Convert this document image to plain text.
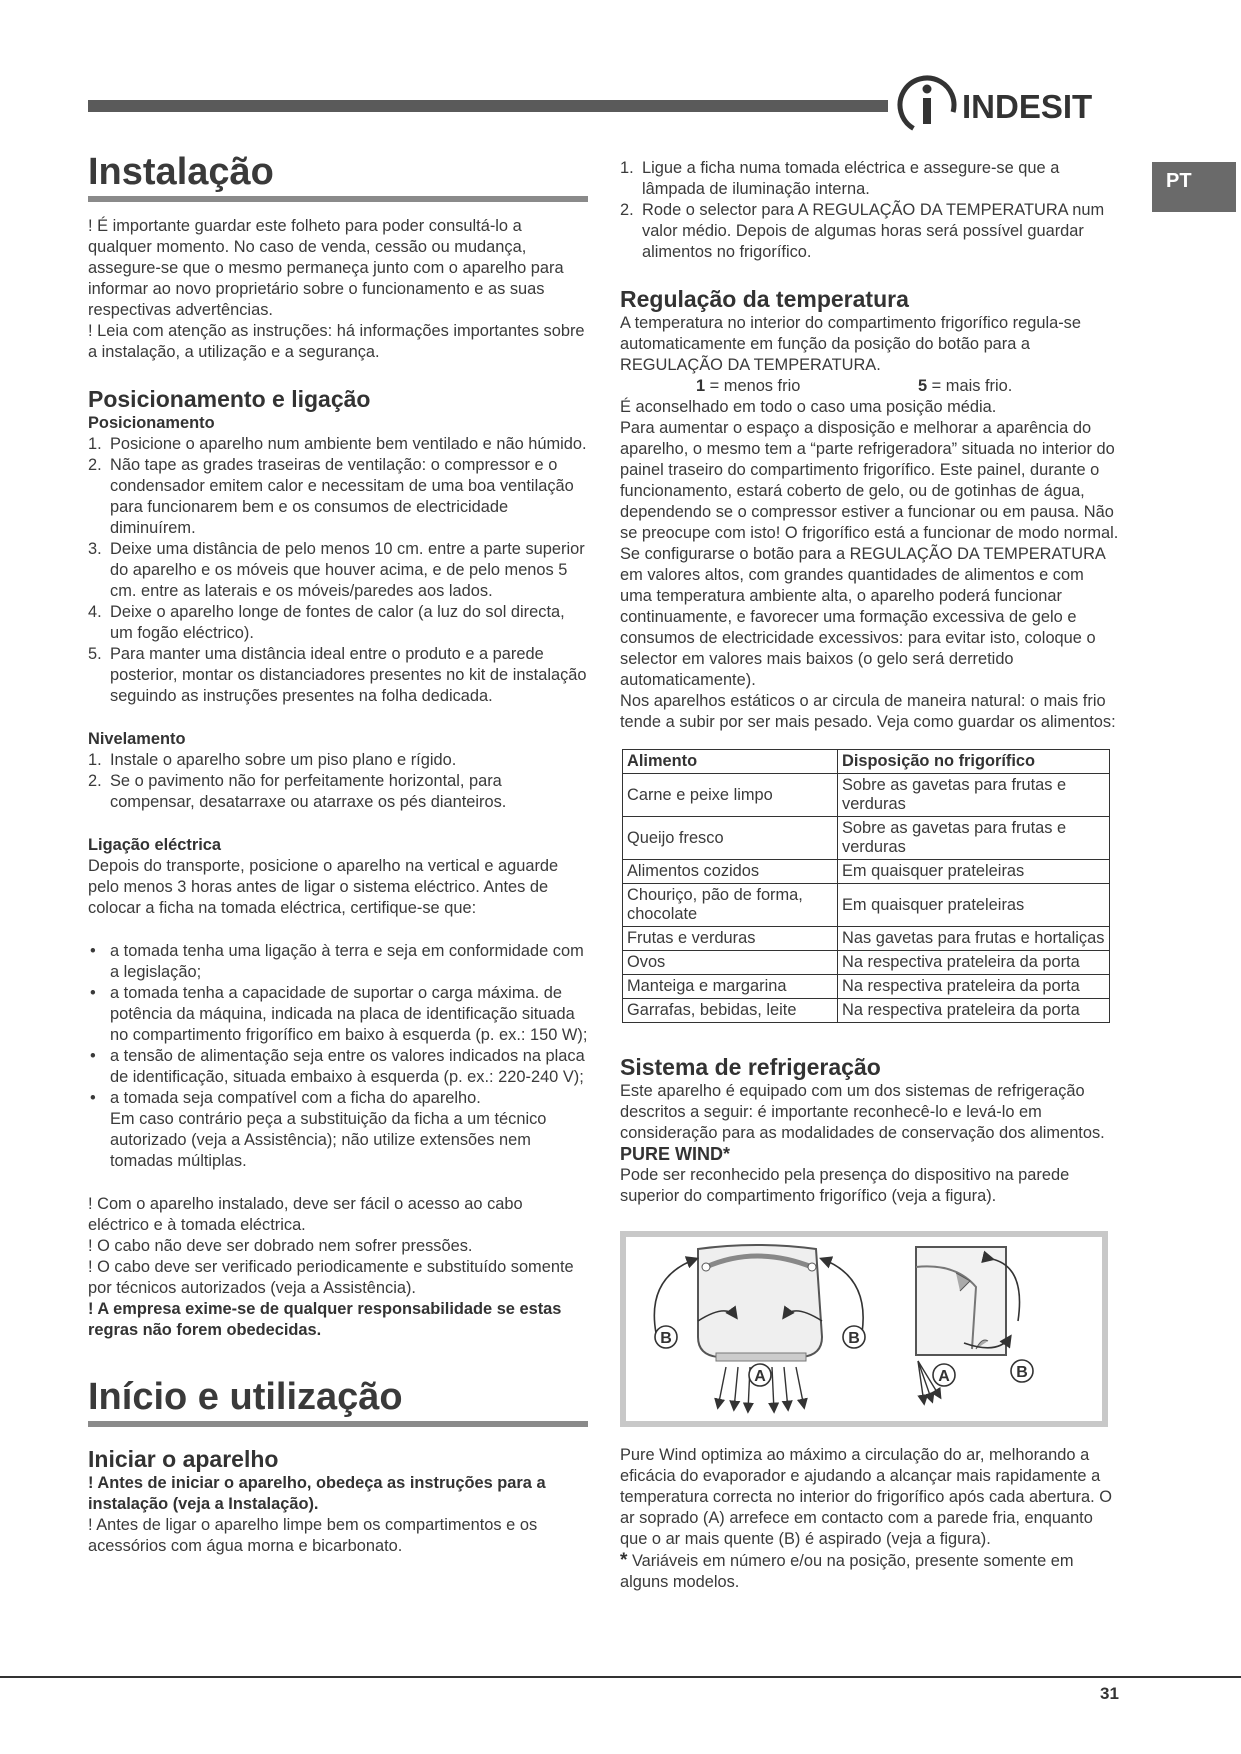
INDESIT
PT
Instalação

! É importante guardar este folheto para poder consultá-lo a qualquer momento. No caso de venda, cessão ou mudança, assegure-se que o mesmo permaneça junto com o aparelho para informar ao novo proprietário sobre o funcionamento e as suas respectivas advertências.

! Leia com atenção as instruções: há informações importantes sobre a instalação, a utilização e a segurança.

Posicionamento e ligação
Posicionamento
1. Posicione o aparelho num ambiente bem ventilado e não húmido.
2. Não tape as grades traseiras de ventilação: o compressor e o condensador emitem calor e necessitam de uma boa ventilação para funcionarem bem e os consumos de electricidade diminuírem.
3. Deixe uma distância de pelo menos 10 cm. entre a parte superior do aparelho e os móveis que houver acima, e de pelo menos 5 cm. entre as laterais e os móveis/paredes aos lados.
4. Deixe o aparelho longe de fontes de calor (a luz do sol directa, um fogão eléctrico).
5. Para manter uma distância ideal entre o produto e a parede posterior, montar os distanciadores presentes no kit de instalação seguindo as instruções presentes na folha dedicada.
Nivelamento
1. Instale o aparelho sobre um piso plano e rígido.
2. Se o pavimento não for perfeitamente horizontal, para compensar, desatarraxe ou atarraxe os pés dianteiros.
Ligação eléctrica

Depois do transporte, posicione o aparelho na vertical e aguarde pelo menos 3 horas antes de ligar o sistema eléctrico. Antes de colocar a ficha na tomada eléctrica, certifique-se que:

• a tomada tenha uma ligação à terra e seja em conformidade com a legislação;
• a tomada tenha a capacidade de suportar o carga máxima. de potência da máquina, indicada na placa de identificação situada no compartimento frigorífico em baixo à esquerda (p. ex.: 150 W);
• a tensão de alimentação seja entre os valores indicados na placa de identificação, situada embaixo à esquerda (p. ex.: 220-240 V);
• a tomada seja compatível com a ficha do aparelho.
Em caso contrário peça a substituição da ficha a um técnico autorizado (veja a Assistência); não utilize extensões nem tomadas múltiplas.

! Com o aparelho instalado, deve ser fácil o acesso ao cabo eléctrico e à tomada eléctrica.

! O cabo não deve ser dobrado nem sofrer pressões.

! O cabo deve ser verificado periodicamente e substituído somente por técnicos autorizados (veja a Assistência).

! A empresa exime-se de qualquer responsabilidade se estas regras não forem obedecidas.

Início e utilização
Iniciar o aparelho

! Antes de iniciar o aparelho, obedeça as instruções para a instalação (veja a Instalação).

! Antes de ligar o aparelho limpe bem os compartimentos e os acessórios com água morna e bicarbonato.

1. Ligue a ficha numa tomada eléctrica e assegure-se que a lâmpada de iluminação interna.
2. Rode o selector para A REGULAÇÃO DA TEMPERATURA num valor médio. Depois de algumas horas será possível guardar alimentos no frigorífico.
Regulação da temperatura

A temperatura no interior do compartimento frigorífico regula-se automaticamente em função da posição do botão para a REGULAÇÃO DA TEMPERATURA.

1 = menos frio	5 = mais frio.

É aconselhado em todo o caso uma posição média.

Para aumentar o espaço a disposição e melhorar a aparência do aparelho, o mesmo tem a “parte refrigeradora” situada no interior do painel traseiro do compartimento frigorífico. Este painel, durante o funcionamento, estará coberto de gelo, ou de gotinhas de água, dependendo se o compressor estiver a funcionar ou em pausa. Não se preocupe com isto! O frigorífico está a funcionar de modo normal. Se configurarse o botão para a REGULAÇÃO DA TEMPERATURA em valores altos, com grandes quantidades de alimentos e com uma temperatura ambiente alta, o aparelho poderá funcionar continuamente, e favorecer uma formação excessiva de gelo e consumos de electricidade excessivos: para evitar isto, coloque o selector em valores mais baixos (o gelo será derretido automaticamente).

Nos aparelhos estáticos o ar circula de maneira natural: o mais frio tende a subir por ser mais pesado. Veja como guardar os alimentos:

Alimento	Disposição no frigorífico
Carne e peixe limpo	Sobre as gavetas para frutas e verduras
Queijo fresco	Sobre as gavetas para frutas e verduras
Alimentos cozidos	Em quaisquer prateleiras
Chouriço, pão de forma, chocolate	Em quaisquer prateleiras
Frutas e verduras	Nas gavetas para frutas e hortaliças
Ovos	Na respectiva prateleira da porta
Manteiga e margarina	Na respectiva prateleira da porta
Garrafas, bebidas, leite	Na respectiva prateleira da porta
Sistema de refrigeração

Este aparelho é equipado com um dos sistemas de refrigeração descritos a seguir: é importante reconhecê-lo e levá-lo em consideração para as modalidades de conservação dos alimentos.

PURE WIND*

Pode ser reconhecido pela presença do dispositivo na parede superior do compartimento frigorífico (veja a figura).

B	B
A	A	B

Pure Wind optimiza ao máximo a circulação do ar, melhorando a eficácia do evaporador e ajudando a alcançar mais rapidamente a temperatura correcta no interior do frigorífico após cada abertura. O ar soprado (A) arrefece em contacto com a parede fria, enquanto que o ar mais quente (B) é aspirado (veja a figura).

* Variáveis em número e/ou na posição, presente somente em alguns modelos.

31
